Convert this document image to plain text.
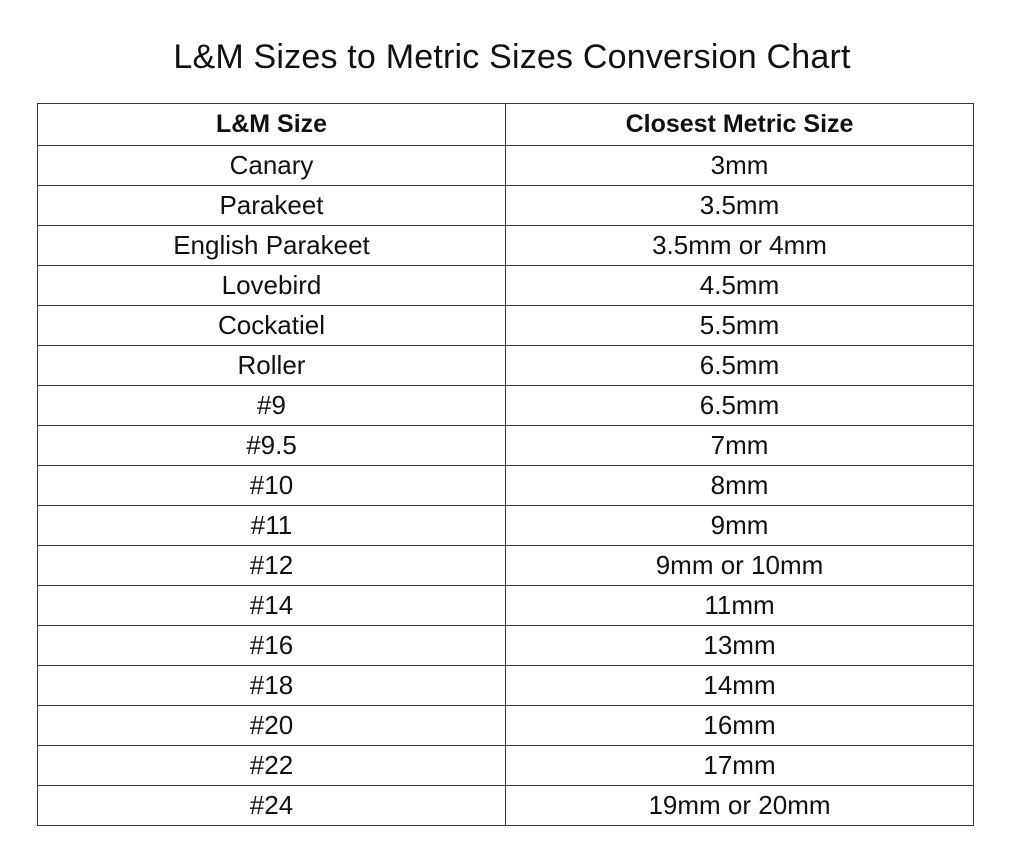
L&M Sizes to Metric Sizes Conversion Chart
L&M Size	Closest Metric Size
Canary	3mm
Parakeet	3.5mm
English Parakeet	3.5mm or 4mm
Lovebird	4.5mm
Cockatiel	5.5mm
Roller	6.5mm
#9	6.5mm
#9.5	7mm
#10	8mm
#11	9mm
#12	9mm or 10mm
#14	11mm
#16	13mm
#18	14mm
#20	16mm
#22	17mm
#24	19mm or 20mm
